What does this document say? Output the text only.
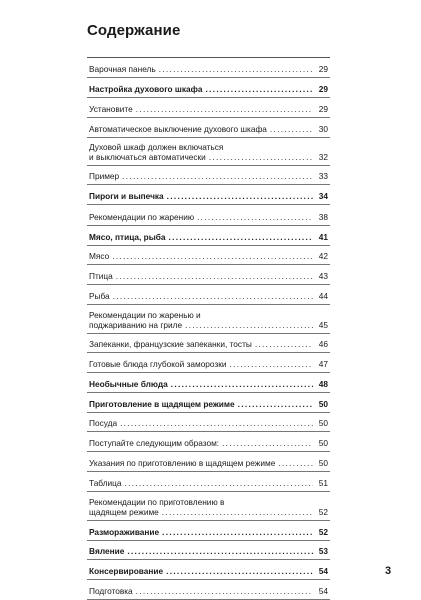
Содержание
Варочная панель .....	29
Настройка духового шкафа .....	29
Установите .....	29
Автоматическое выключение духового шкафа .....	30
Духовой шкаф должен включаться
и выключаться автоматически .....	32
Пример .....	33
Пироги и выпечка .....	34
Рекомендации по жарению .....	38
Мясо, птица, рыба .....	41
Мясо .....	42
Птица .....	43
Рыба .....	44
Рекомендации по жаренью и
поджариванию на гриле .....	45
Запеканки, французские запеканки, тосты .....	46
Готовые блюда глубокой заморозки .....	47
Необычные блюда .....	48
Приготовление в щадящем режиме .....	50
Посуда .....	50
Поступайте следующим образом: .....	50
Указания по приготовлению в щадящем режиме .....	50
Таблица .....	51
Рекомендации по приготовлению в
щадящем режиме .....	52
Размораживание .....	52
Вяление .....	53
Консервирование .....	54
Подготовка .....	54
3
